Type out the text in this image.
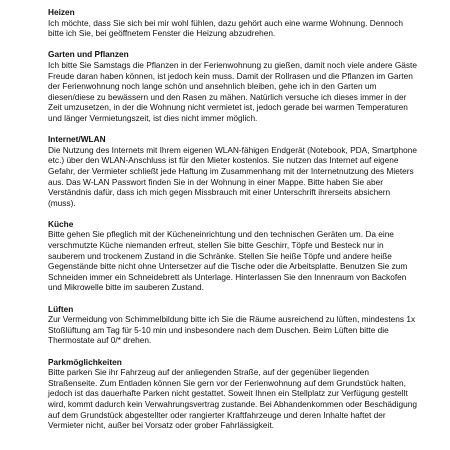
Heizen

Ich möchte, dass Sie sich bei mir wohl fühlen, dazu gehört auch eine warme Wohnung. Dennoch bitte ich Sie, bei geöffnetem Fenster die Heizung abzudrehen.

Garten und Pflanzen

Ich bitte Sie Samstags die Pflanzen in der Ferienwohnung zu gießen, damit noch viele andere Gäste Freude daran haben können, ist jedoch kein muss. Damit der Rollrasen und die Pflanzen im Garten der Ferienwohnung noch lange schön und ansehnlich bleiben, gehe ich in den Garten um diesen/diese zu bewässern und den Rasen zu mähen. Natürlich versuche ich dieses immer in der Zeit umzusetzen, in der die Wohnung nicht vermietet ist, jedoch gerade bei warmen Temperaturen und länger Vermietungszeit, ist dies nicht immer möglich.

Internet/WLAN

Die Nutzung des Internets mit Ihrem eigenen WLAN-fähigen Endgerät (Notebook, PDA, Smartphone etc.) über den WLAN-Anschluss ist für den Mieter kostenlos. Sie nutzen das Internet auf eigene Gefahr, der Vermieter schließt jede Haftung im Zusammenhang mit der Internetnutzung des Mieters aus. Das W-LAN Passwort finden Sie in der Wohnung in einer Mappe. Bitte haben Sie aber Verständnis dafür, dass ich mich gegen Missbrauch mit einer Unterschrift ihrerseits absichern (muss).

Küche

Bitte gehen Sie pfleglich mit der Kücheneinrichtung und den technischen Geräten um. Da eine verschmutzte Küche niemanden erfreut, stellen Sie bitte Geschirr, Töpfe und Besteck nur in sauberem und trockenem Zustand in die Schränke. Stellen Sie heiße Töpfe und andere heiße Gegenstände bitte nicht ohne Untersetzer auf die Tische oder die Arbeitsplatte. Benutzen Sie zum Schneiden immer ein Schneidebrett als Unterlage. Hinterlassen Sie den Innenraum von Backofen und Mikrowelle bitte im sauberen Zustand.

Lüften

Zur Vermeidung von Schimmelbildung bitte ich Sie die Räume ausreichend zu lüften, mindestens 1x Stoßlüftung am Tag für 5-10 min und insbesondere nach dem Duschen. Beim Lüften bitte die Thermostate auf 0/* drehen.

Parkmöglichkeiten

Bitte parken Sie ihr Fahrzeug auf der anliegenden Straße, auf der gegenüber liegenden Straßenseite. Zum Entladen können Sie gern vor der Ferienwohnung auf dem Grundstück halten, jedoch ist das dauerhafte Parken nicht gestattet. Soweit Ihnen ein Stellplatz zur Verfügung gestellt wird, kommt dadurch kein Verwahrungsvertrag zustande. Bei Abhandenkommen oder Beschädigung auf dem Grundstück abgestellter oder rangierter Kraftfahrzeuge und deren Inhalte haftet der Vermieter nicht, außer bei Vorsatz oder grober Fahrlässigkeit.
